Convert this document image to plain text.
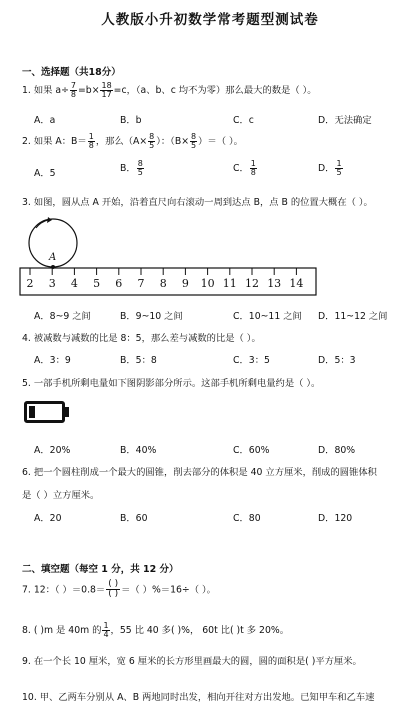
人教版小升初数学常考题型测试卷
一、选择题（共18分）
1. 如果 $a\div \frac{7}{8} =b\times \frac{18}{17} =c$，（a、b、c 均不为零）那么最大的数是（ ）。
A．a	B．b	C．c	D．无法确定
2. 如果 A：$B= \frac{1}{8}$ ，那么（$A\times \frac{8}{5}$ ）：（$B\times \frac{8}{5}$ ）＝（ ）。
A．5	B． $\frac{8}{5}$	C． $\frac{1}{8}$	D． $\frac{1}{5}$
3. 如图，圆从点 A 开始，沿着直尺向右滚动一周到达点 B，点 B 的位置大概在（ ）。
A
2 3 4 5 6 7 8 9 10 11 12 13 14
A．8~9 之间	B．9~10 之间	C．10~11 之间 D．11~12 之间
4. 被减数与减数的比是 8：5，那么差与减数的比是（ ）。
A．3：9	B．5：8	C．3：5	D．5：3
5. 一部手机所剩电量如下图阴影部分所示。这部手机所剩电量约是（ ）。
A．20%	B．40%	C．60%	D．80%
6. 把一个圆柱削成一个最大的圆锥，削去部分的体积是 40 立方厘米，削成的圆锥体积
是（ ）立方厘米。
A．20	B．60	C．80	D．120
二、填空题（每空 1 分，共 12 分）
7. 12：（ ）＝0.8＝
( )
( ) ＝（ ）%＝16÷（ ）。
8. ( )m 是 40m 的 $\frac{1}{4}$ ，55 比 40 多( )%， 60t 比( )t 多 20%。
9. 在一个长 10 厘米，宽 6 厘米的长方形里画最大的圆，圆的面积是( )平方厘米。
10. 甲、乙两车分别从 A、B 两地同时出发，相向开往对方出发地。已知甲车和乙车速
